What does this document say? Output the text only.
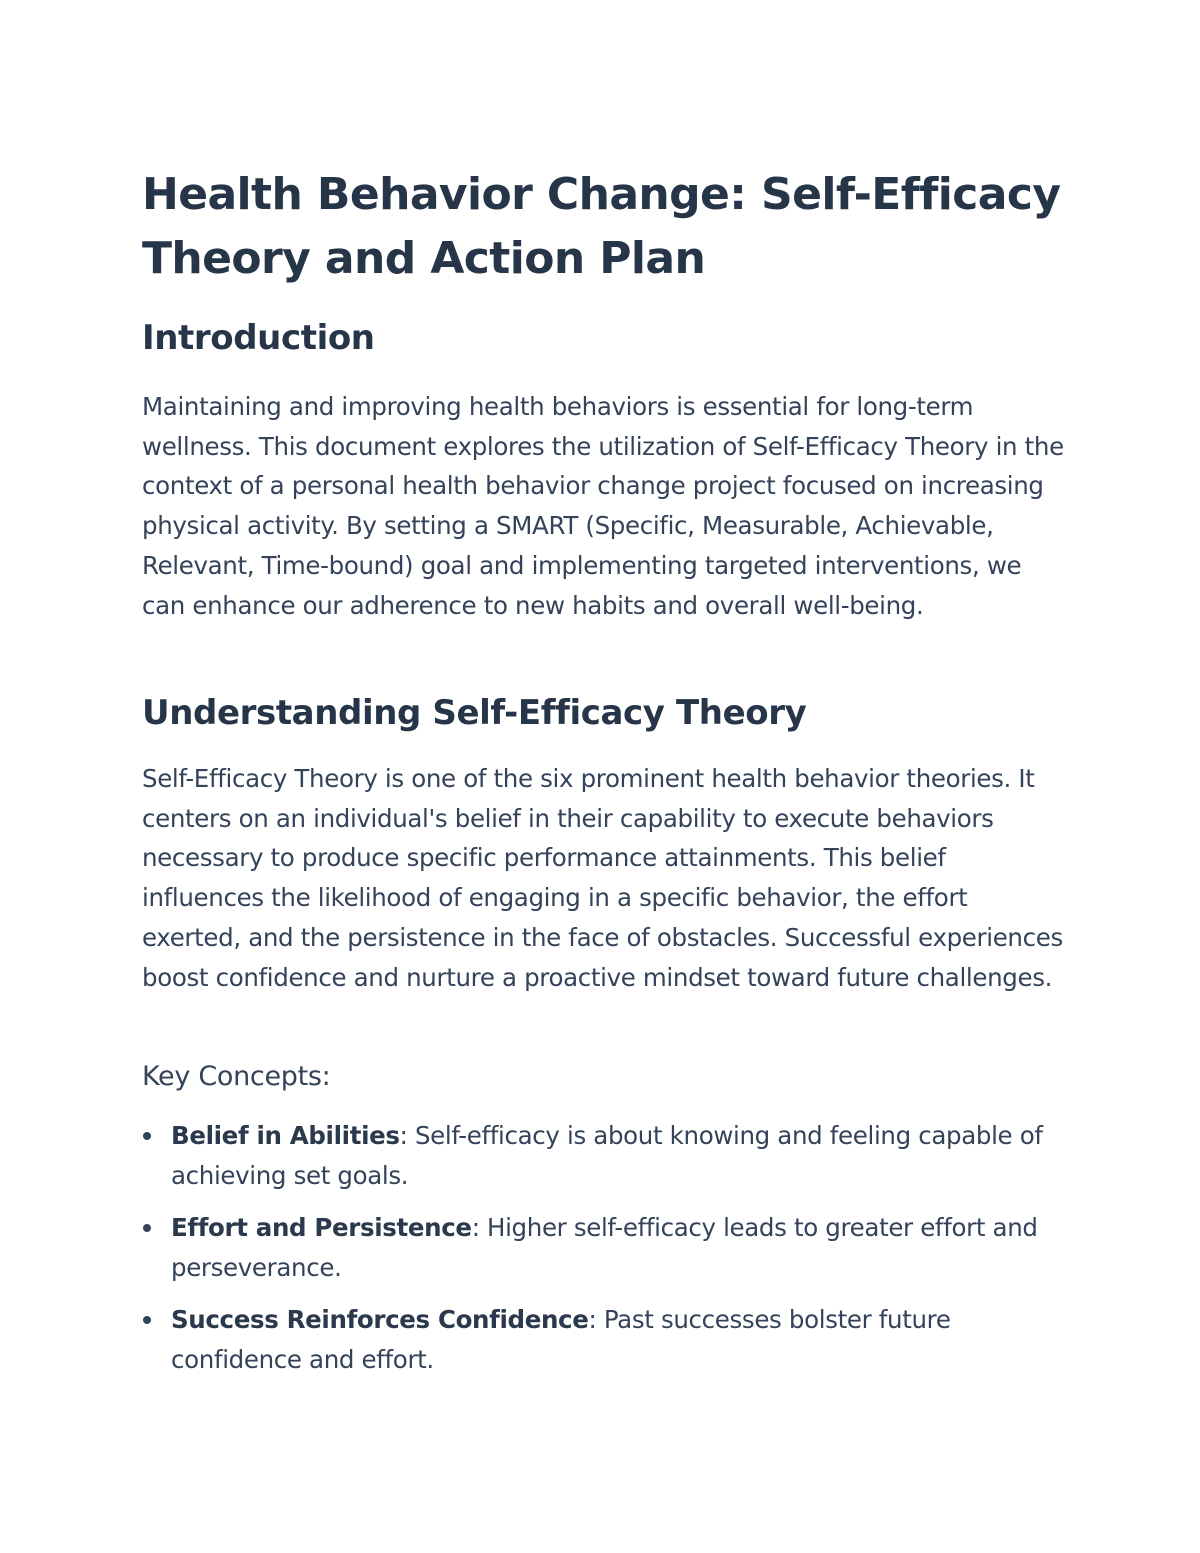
Health Behavior Change: Self-Efficacy Theory and Action Plan
Introduction

Maintaining and improving health behaviors is essential for long-term wellness. This document explores the utilization of Self-Efficacy Theory in the context of a personal health behavior change project focused on increasing physical activity. By setting a SMART (Specific, Measurable, Achievable, Relevant, Time-bound) goal and implementing targeted interventions, we can enhance our adherence to new habits and overall well-being.

Understanding Self-Efficacy Theory

Self-Efficacy Theory is one of the six prominent health behavior theories. It centers on an individual's belief in their capability to execute behaviors necessary to produce specific performance attainments. This belief influences the likelihood of engaging in a specific behavior, the effort exerted, and the persistence in the face of obstacles. Successful experiences boost confidence and nurture a proactive mindset toward future challenges.

Key Concepts:
Belief in Abilities: Self-efficacy is about knowing and feeling capable of achieving set goals.
Effort and Persistence: Higher self-efficacy leads to greater effort and perseverance.
Success Reinforces Confidence: Past successes bolster future confidence and effort.
